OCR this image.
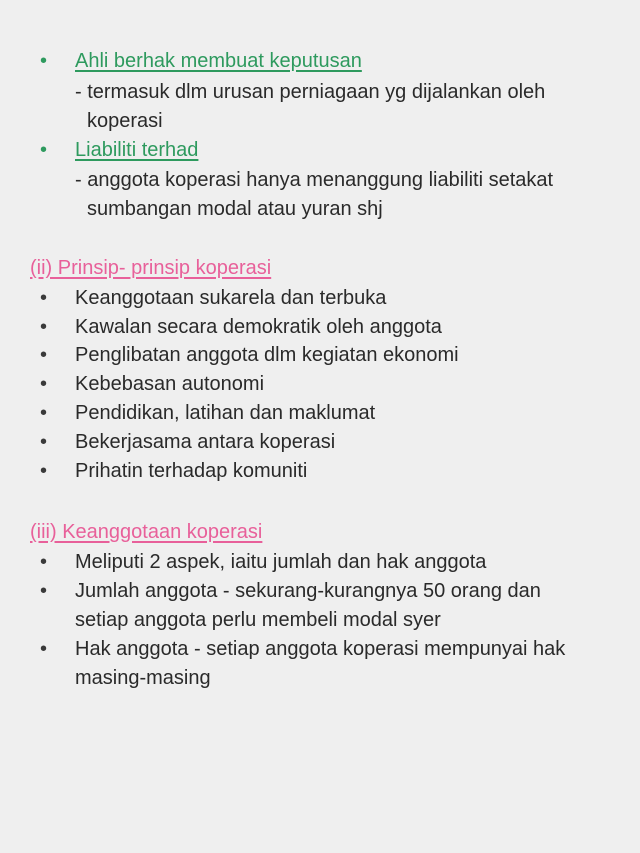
• Ahli berhak membuat keputusan
- termasuk dlm urusan perniagaan yg dijalankan oleh
koperasi
• Liabiliti terhad
- anggota koperasi hanya menanggung liabiliti setakat
sumbangan modal atau yuran shj
(ii) Prinsip- prinsip koperasi
• Keanggotaan sukarela dan terbuka
• Kawalan secara demokratik oleh anggota
• Penglibatan anggota dlm kegiatan ekonomi
• Kebebasan autonomi
• Pendidikan, latihan dan maklumat
• Bekerjasama antara koperasi
• Prihatin terhadap komuniti
(iii) Keanggotaan koperasi
• Meliputi 2 aspek, iaitu jumlah dan hak anggota
• Jumlah anggota - sekurang-kurangnya 50 orang dan
setiap anggota perlu membeli modal syer
• Hak anggota - setiap anggota koperasi mempunyai hak
masing-masing
